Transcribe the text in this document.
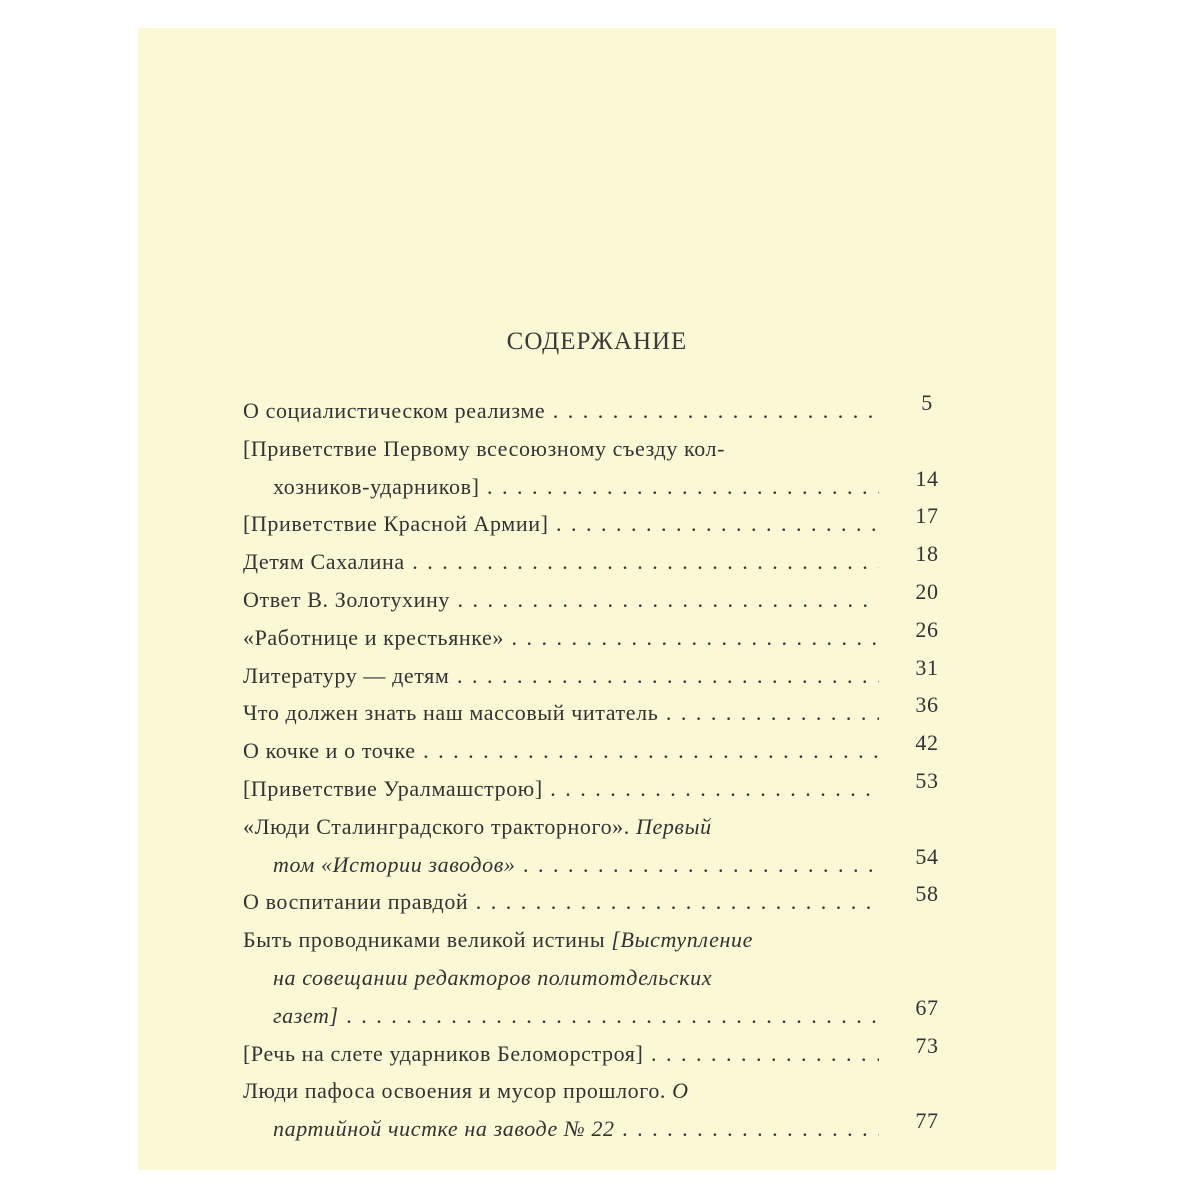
СОДЕРЖАНИЕ
О социалистическом реализме . . .	5
[Приветствие Первому всесоюзному съезду кол-
хозников-ударников] . . .	14
[Приветствие Красной Армии] . . .	17
Детям Сахалина . . .	18
Ответ В. Золотухину . . .	20
«Работнице и крестьянке» . . .	26
Литературу — детям . . .	31
Что должен знать наш массовый читатель . . .	36
О кочке и о точке . . .	42
[Приветствие Уралмашстрою] . . .	53
«Люди Сталинградского тракторного». Первый
том «Истории заводов» . . .	54
О воспитании правдой . . .	58
Быть проводниками великой истины [Выступление
на совещании редакторов политотдельских
газет] . . .	67
[Речь на слете ударников Беломорстроя] . . .	73
Люди пафоса освоения и мусор прошлого. О
партийной чистке на заводе № 22 . . .	77
